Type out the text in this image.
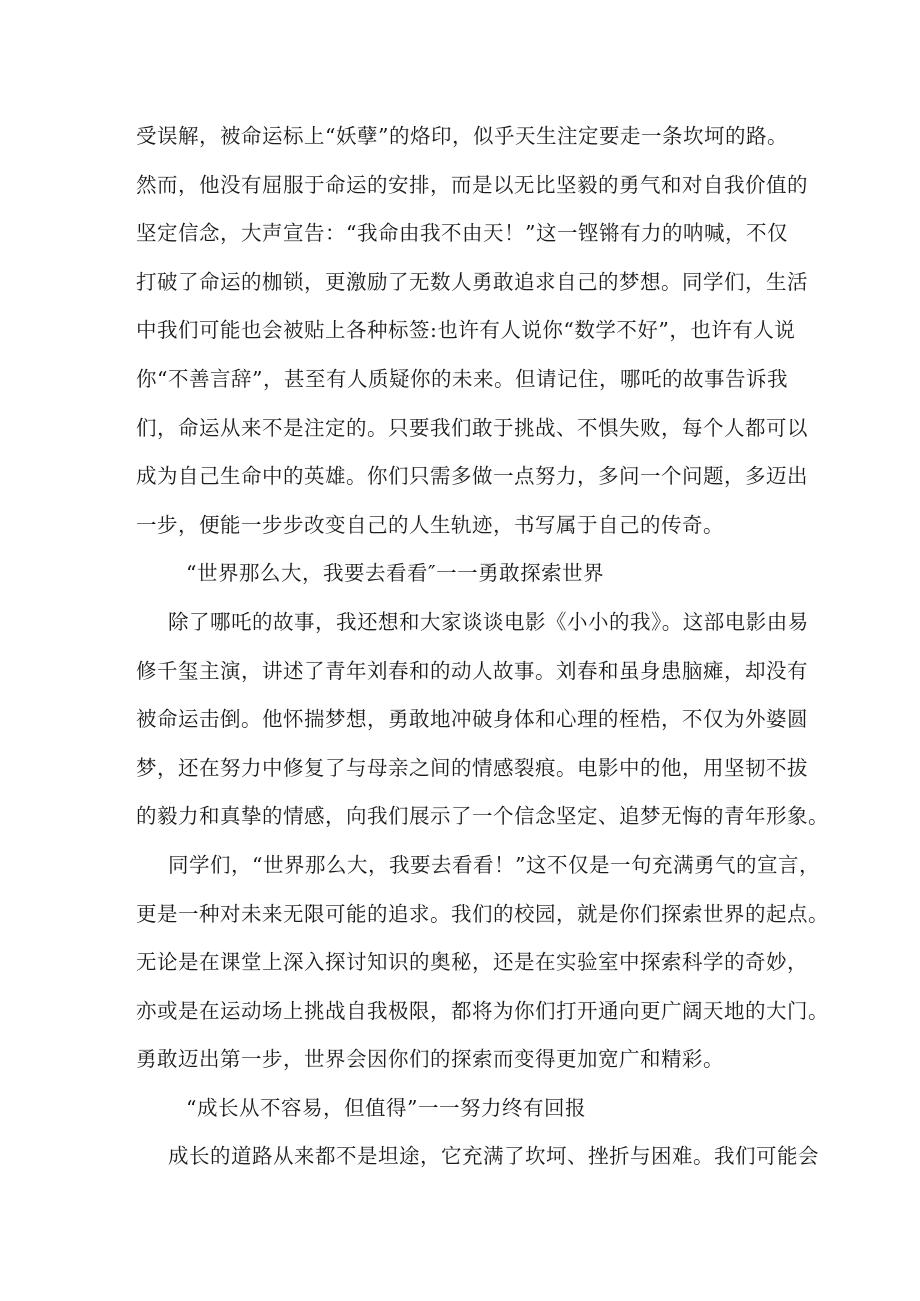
受误解，被命运标上“妖孽”的烙印，似乎天生注定要走一条坎坷的路。
然而，他没有屈服于命运的安排，而是以无比坚毅的勇气和对自我价值的
坚定信念，大声宣告：“我命由我不由天！”这一铿锵有力的呐喊，不仅
打破了命运的枷锁，更激励了无数人勇敢追求自己的梦想。同学们，生活
中我们可能也会被贴上各种标签:也许有人说你“数学不好”，也许有人说
你“不善言辞”，甚至有人质疑你的未来。但请记住，哪吒的故事告诉我
们，命运从来不是注定的。只要我们敢于挑战、不惧失败，每个人都可以
成为自己生命中的英雄。你们只需多做一点努力，多问一个问题，多迈出
一步，便能一步步改变自己的人生轨迹，书写属于自己的传奇。
“世界那么大，我要去看看″一一勇敢探索世界
除了哪吒的故事，我还想和大家谈谈电影《小小的我》。这部电影由易
修千玺主演，讲述了青年刘春和的动人故事。刘春和虽身患脑瘫，却没有
被命运击倒。他怀揣梦想，勇敢地冲破身体和心理的桎梏，不仅为外婆圆
梦，还在努力中修复了与母亲之间的情感裂痕。电影中的他，用坚韧不拔
的毅力和真挚的情感，向我们展示了一个信念坚定、追梦无悔的青年形象。
同学们，“世界那么大，我要去看看！”这不仅是一句充满勇气的宣言，
更是一种对未来无限可能的追求。我们的校园，就是你们探索世界的起点。
无论是在课堂上深入探讨知识的奥秘，还是在实验室中探索科学的奇妙，
亦或是在运动场上挑战自我极限，都将为你们打开通向更广阔天地的大门。
勇敢迈出第一步，世界会因你们的探索而变得更加宽广和精彩。
“成长从不容易，但值得”一一努力终有回报
成长的道路从来都不是坦途，它充满了坎坷、挫折与困难。我们可能会
